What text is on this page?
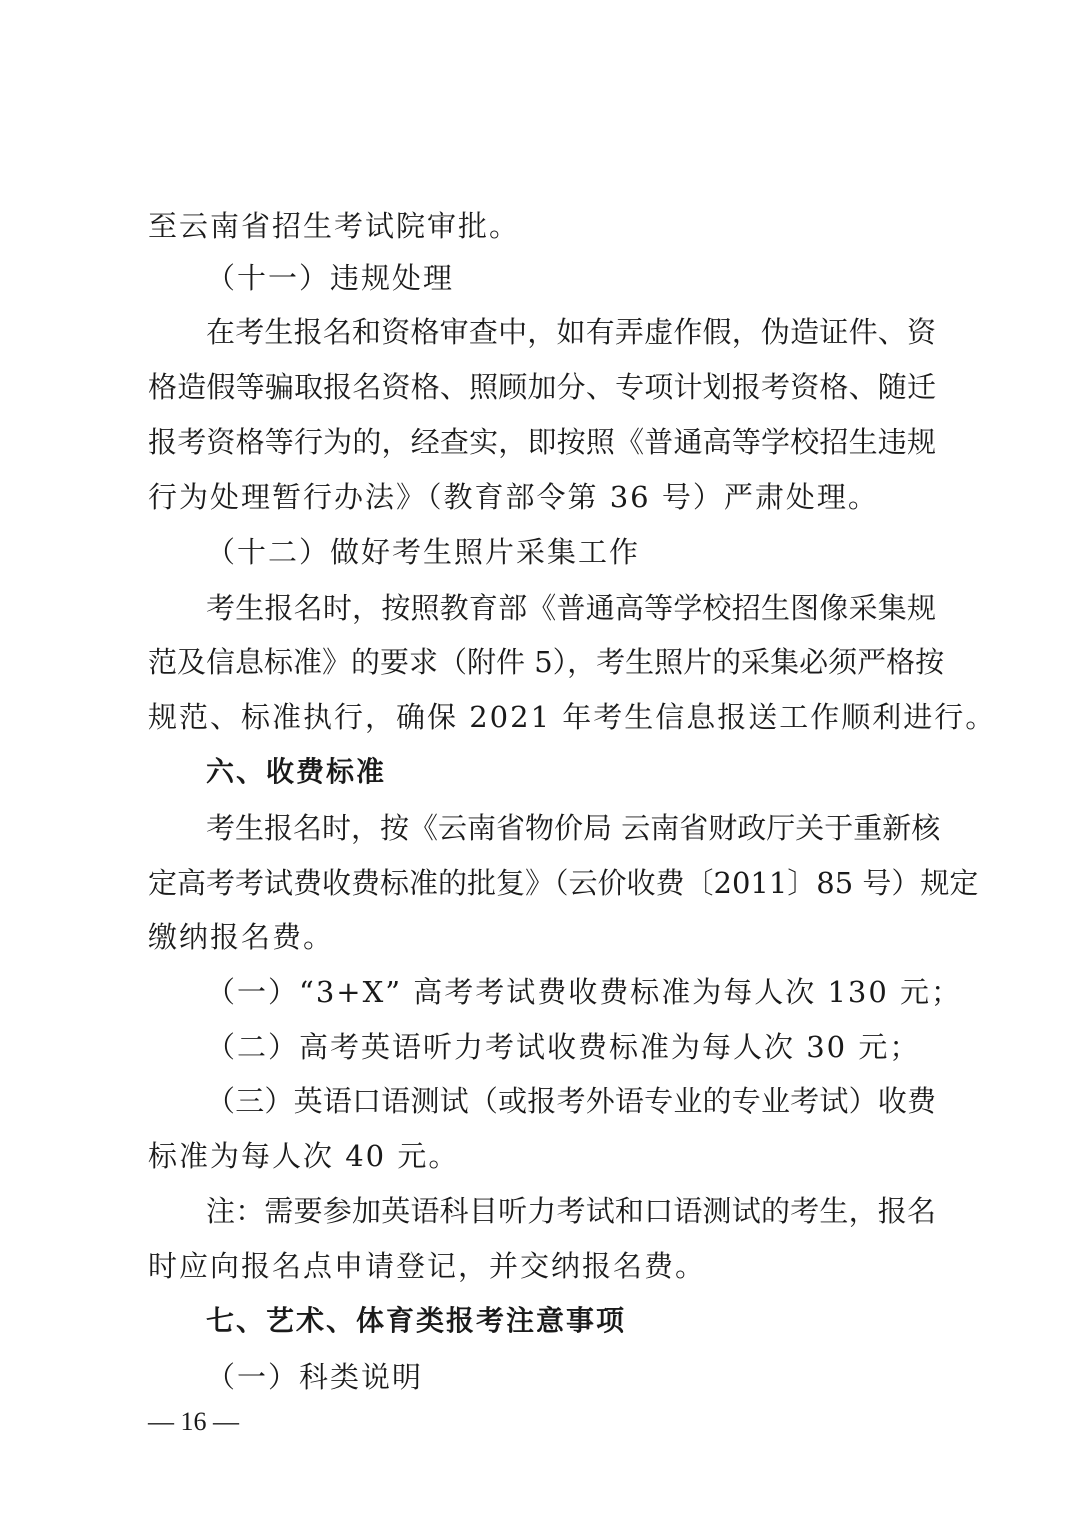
至云南省招生考试院审批。
（十一）违规处理
在考生报名和资格审查中，如有弄虚作假，伪造证件、资
格造假等骗取报名资格、照顾加分、专项计划报考资格、随迁
报考资格等行为的，经查实，即按照《普通高等学校招生违规
行为处理暂行办法》（教育部令第 36 号）严肃处理。
（十二）做好考生照片采集工作
考生报名时，按照教育部《普通高等学校招生图像采集规
范及信息标准》的要求（附件 5），考生照片的采集必须严格按
规范、标准执行，确保 2021 年考生信息报送工作顺利进行。
六、收费标准
考生报名时，按《云南省物价局 云南省财政厅关于重新核
定高考考试费收费标准的批复》（云价收费〔2011〕85 号）规定
缴纳报名费。
（一）“3+X” 高考考试费收费标准为每人次 130 元；
（二）高考英语听力考试收费标准为每人次 30 元；
（三）英语口语测试（或报考外语专业的专业考试）收费
标准为每人次 40 元。
注：需要参加英语科目听力考试和口语测试的考生，报名
时应向报名点申请登记，并交纳报名费。
七、艺术、体育类报考注意事项
（一）科类说明
— 16 —
